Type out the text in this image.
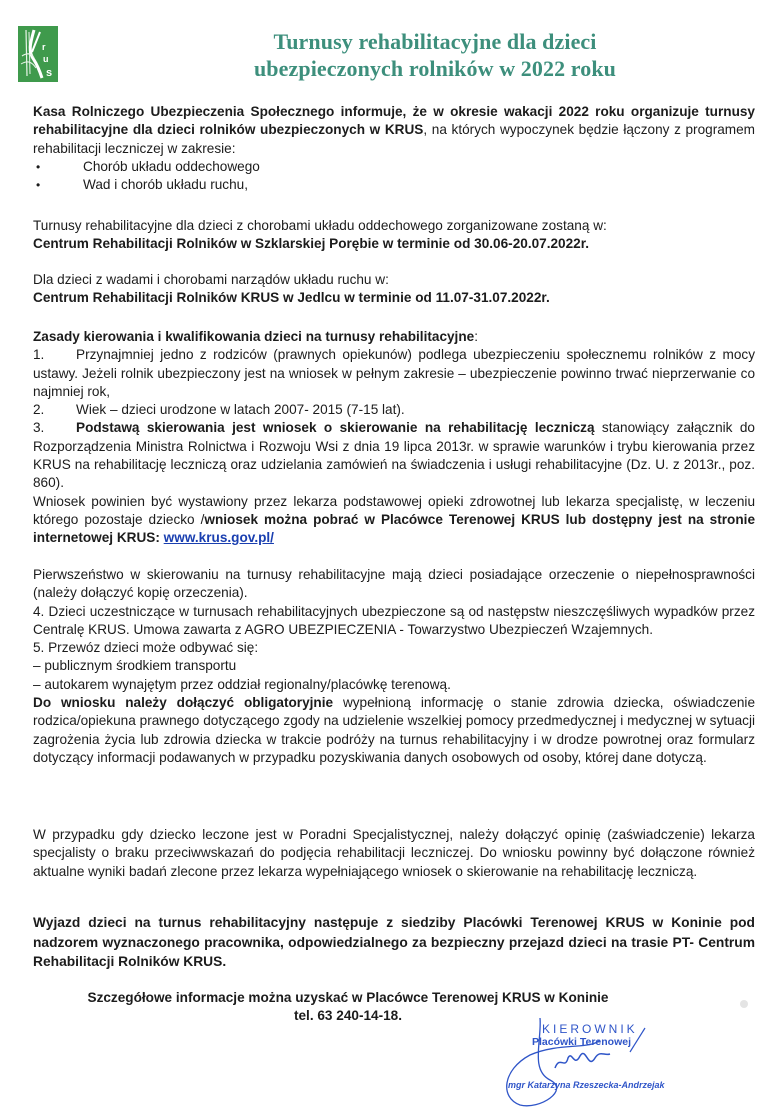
r
u
s
Turnusy rehabilitacyjne dla dzieci
ubezpieczonych rolników w 2022 roku

Kasa Rolniczego Ubezpieczenia Społecznego informuje, że w okresie wakacji 2022 roku organizuje turnusy rehabilitacyjne dla dzieci rolników ubezpieczonych w KRUS, na których wypoczynek będzie łączony z programem rehabilitacji leczniczej w zakresie:

• Chorób układu oddechowego
• Wad i chorób układu ruchu,

Turnusy rehabilitacyjne dla dzieci z chorobami układu oddechowego zorganizowane zostaną w:

Centrum Rehabilitacji Rolników w Szklarskiej Porębie w terminie od 30.06-20.07.2022r.

Dla dzieci z wadami i chorobami narządów układu ruchu w:

Centrum Rehabilitacji Rolników KRUS w Jedlcu w terminie od 11.07-31.07.2022r.

Zasady kierowania i kwalifikowania dzieci na turnusy rehabilitacyjne:

1. Przynajmniej jedno z rodziców (prawnych opiekunów) podlega ubezpieczeniu społecznemu rolników z mocy ustawy. Jeżeli rolnik ubezpieczony jest na wniosek w pełnym zakresie – ubezpieczenie powinno trwać nieprzerwanie co najmniej rok,

2. Wiek – dzieci urodzone w latach 2007- 2015 (7-15 lat).

3. Podstawą skierowania jest wniosek o skierowanie na rehabilitację leczniczą stanowiący załącznik do Rozporządzenia Ministra Rolnictwa i Rozwoju Wsi z dnia 19 lipca 2013r. w sprawie warunków i trybu kierowania przez KRUS na rehabilitację leczniczą oraz udzielania zamówień na świadczenia i usługi rehabilitacyjne (Dz. U. z 2013r., poz. 860).

Wniosek powinien być wystawiony przez lekarza podstawowej opieki zdrowotnej lub lekarza specjalistę, w leczeniu którego pozostaje dziecko /wniosek można pobrać w Placówce Terenowej KRUS lub dostępny jest na stronie internetowej KRUS: www.krus.gov.pl/

Pierwszeństwo w skierowaniu na turnusy rehabilitacyjne mają dzieci posiadające orzeczenie o niepełnosprawności (należy dołączyć kopię orzeczenia).

4. Dzieci uczestniczące w turnusach rehabilitacyjnych ubezpieczone są od następstw nieszczęśliwych wypadków przez Centralę KRUS. Umowa zawarta z AGRO UBEZPIECZENIA - Towarzystwo Ubezpieczeń Wzajemnych.

5. Przewóz dzieci może odbywać się:

– publicznym środkiem transportu

– autokarem wynajętym przez oddział regionalny/placówkę terenową.

Do wniosku należy dołączyć obligatoryjnie wypełnioną informację o stanie zdrowia dziecka, oświadczenie rodzica/opiekuna prawnego dotyczącego zgody na udzielenie wszelkiej pomocy przedmedycznej i medycznej w sytuacji zagrożenia życia lub zdrowia dziecka w trakcie podróży na turnus rehabilitacyjny i w drodze powrotnej oraz formularz dotyczący informacji podawanych w przypadku pozyskiwania danych osobowych od osoby, której dane dotyczą.

W przypadku gdy dziecko leczone jest w Poradni Specjalistycznej, należy dołączyć opinię (zaświadczenie) lekarza specjalisty o braku przeciwwskazań do podjęcia rehabilitacji leczniczej. Do wniosku powinny być dołączone również aktualne wyniki badań zlecone przez lekarza wypełniającego wniosek o skierowanie na rehabilitację leczniczą.

Wyjazd dzieci na turnus rehabilitacyjny następuje z siedziby Placówki Terenowej KRUS w Koninie pod nadzorem wyznaczonego pracownika, odpowiedzialnego za bezpieczny przejazd dzieci na trasie PT- Centrum Rehabilitacji Rolników KRUS.

Szczegółowe informacje można uzyskać w Placówce Terenowej KRUS w Koninie

tel. 63 240-14-18.

KIEROWNIK
Placówki Terenowej
mgr Katarzyna Rzeszecka-Andrzejak
